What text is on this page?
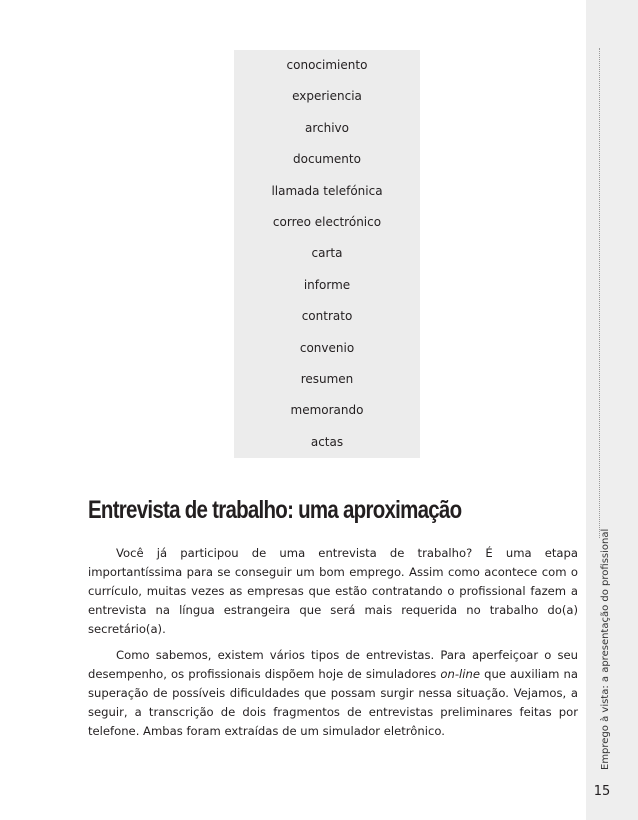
conocimiento
experiencia
archivo
documento
llamada telefónica
correo electrónico
carta
informe
contrato
convenio
resumen
memorando
actas
Entrevista de trabalho: uma aproximação

Você já participou de uma entrevista de trabalho? É uma etapa importantíssima para se conseguir um bom emprego. Assim como acontece com o currículo, muitas vezes as empresas que estão contratando o profissional fazem a entrevista na língua estrangeira que será mais requerida no trabalho do(a) secretário(a).

Como sabemos, existem vários tipos de entrevistas. Para aperfeiçoar o seu desempenho, os profissionais dispõem hoje de simuladores on-line que auxiliam na superação de possíveis dificuldades que possam surgir nessa situação. Vejamos, a seguir, a transcrição de dois fragmentos de entrevistas preliminares feitas por telefone. Ambas foram extraídas de um simulador eletrônico.	Emprego à vista: a apresentação do profissional
15
